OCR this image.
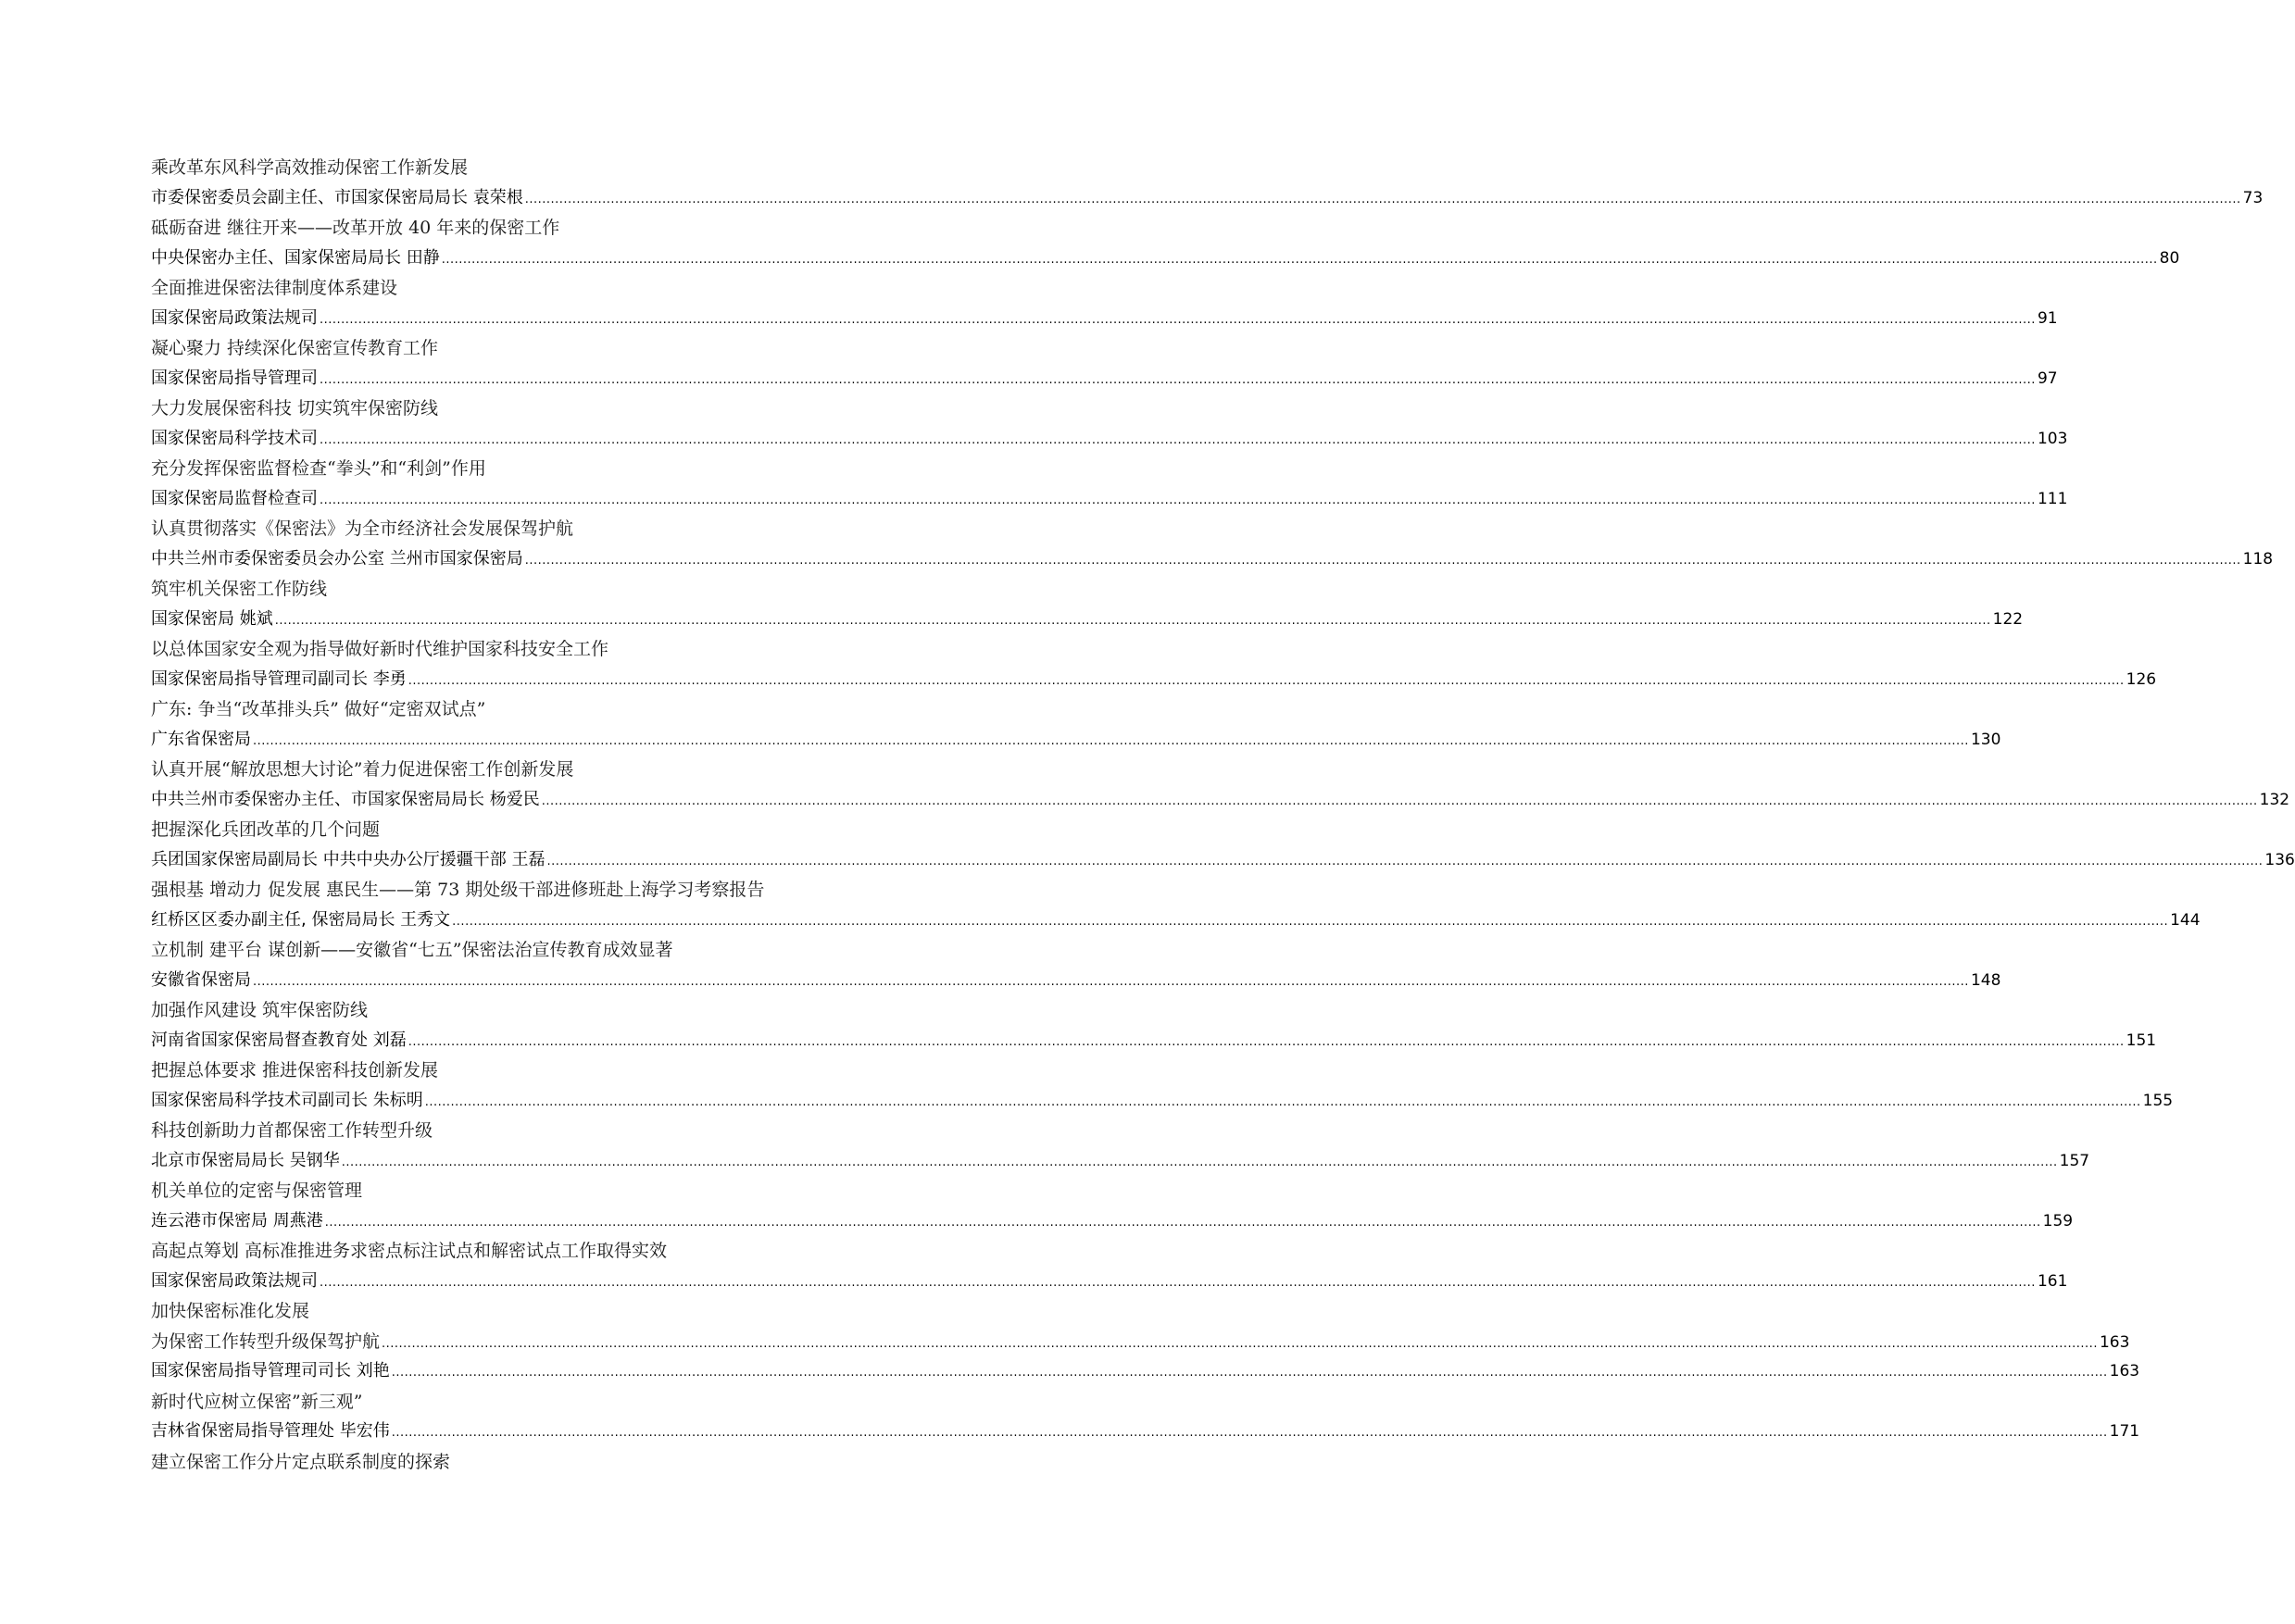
乘改革东风科学高效推动保密工作新发展
市委保密委员会副主任、市国家保密局局长 袁荣根 ................................................................................................................................................................................................................................................................................................................................................................................................................ 73
砥砺奋进 继往开来——改革开放 40 年来的保密工作
中央保密办主任、国家保密局局长 田静 ................................................................................................................................................................................................................................................................................................................................................................................................................ 80
全面推进保密法律制度体系建设
国家保密局政策法规司 ................................................................................................................................................................................................................................................................................................................................................................................................................ 91
凝心聚力 持续深化保密宣传教育工作
国家保密局指导管理司 ................................................................................................................................................................................................................................................................................................................................................................................................................ 97
大力发展保密科技 切实筑牢保密防线
国家保密局科学技术司 ................................................................................................................................................................................................................................................................................................................................................................................................................ 103
充分发挥保密监督检查“拳头”和“利剑”作用
国家保密局监督检查司 ................................................................................................................................................................................................................................................................................................................................................................................................................ 111
认真贯彻落实《保密法》为全市经济社会发展保驾护航
中共兰州市委保密委员会办公室 兰州市国家保密局 ................................................................................................................................................................................................................................................................................................................................................................................................................ 118
筑牢机关保密工作防线
国家保密局 姚斌 ................................................................................................................................................................................................................................................................................................................................................................................................................ 122
以总体国家安全观为指导做好新时代维护国家科技安全工作
国家保密局指导管理司副司长 李勇 ................................................................................................................................................................................................................................................................................................................................................................................................................ 126
广东: 争当“改革排头兵” 做好“定密双试点”
广东省保密局 ................................................................................................................................................................................................................................................................................................................................................................................................................ 130
认真开展“解放思想大讨论”着力促进保密工作创新发展
中共兰州市委保密办主任、市国家保密局局长 杨爱民 ................................................................................................................................................................................................................................................................................................................................................................................................................ 132
把握深化兵团改革的几个问题
兵团国家保密局副局长 中共中央办公厅援疆干部 王磊 ................................................................................................................................................................................................................................................................................................................................................................................................................ 136
强根基 增动力 促发展 惠民生——第 73 期处级干部进修班赴上海学习考察报告
红桥区区委办副主任, 保密局局长 王秀文 ................................................................................................................................................................................................................................................................................................................................................................................................................ 144
立机制 建平台 谋创新——安徽省“七五”保密法治宣传教育成效显著
安徽省保密局 ................................................................................................................................................................................................................................................................................................................................................................................................................ 148
加强作风建设 筑牢保密防线
河南省国家保密局督查教育处 刘磊 ................................................................................................................................................................................................................................................................................................................................................................................................................ 151
把握总体要求 推进保密科技创新发展
国家保密局科学技术司副司长 朱标明 ................................................................................................................................................................................................................................................................................................................................................................................................................ 155
科技创新助力首都保密工作转型升级
北京市保密局局长 吴钢华 ................................................................................................................................................................................................................................................................................................................................................................................................................ 157
机关单位的定密与保密管理
连云港市保密局 周燕港 ................................................................................................................................................................................................................................................................................................................................................................................................................ 159
高起点筹划 高标准推进务求密点标注试点和解密试点工作取得实效
国家保密局政策法规司 ................................................................................................................................................................................................................................................................................................................................................................................................................ 161
加快保密标准化发展
为保密工作转型升级保驾护航 ................................................................................................................................................................................................................................................................................................................................................................................................................ 163
国家保密局指导管理司司长 刘艳 ................................................................................................................................................................................................................................................................................................................................................................................................................ 163
新时代应树立保密”新三观”
吉林省保密局指导管理处 毕宏伟 ................................................................................................................................................................................................................................................................................................................................................................................................................ 171
建立保密工作分片定点联系制度的探索
